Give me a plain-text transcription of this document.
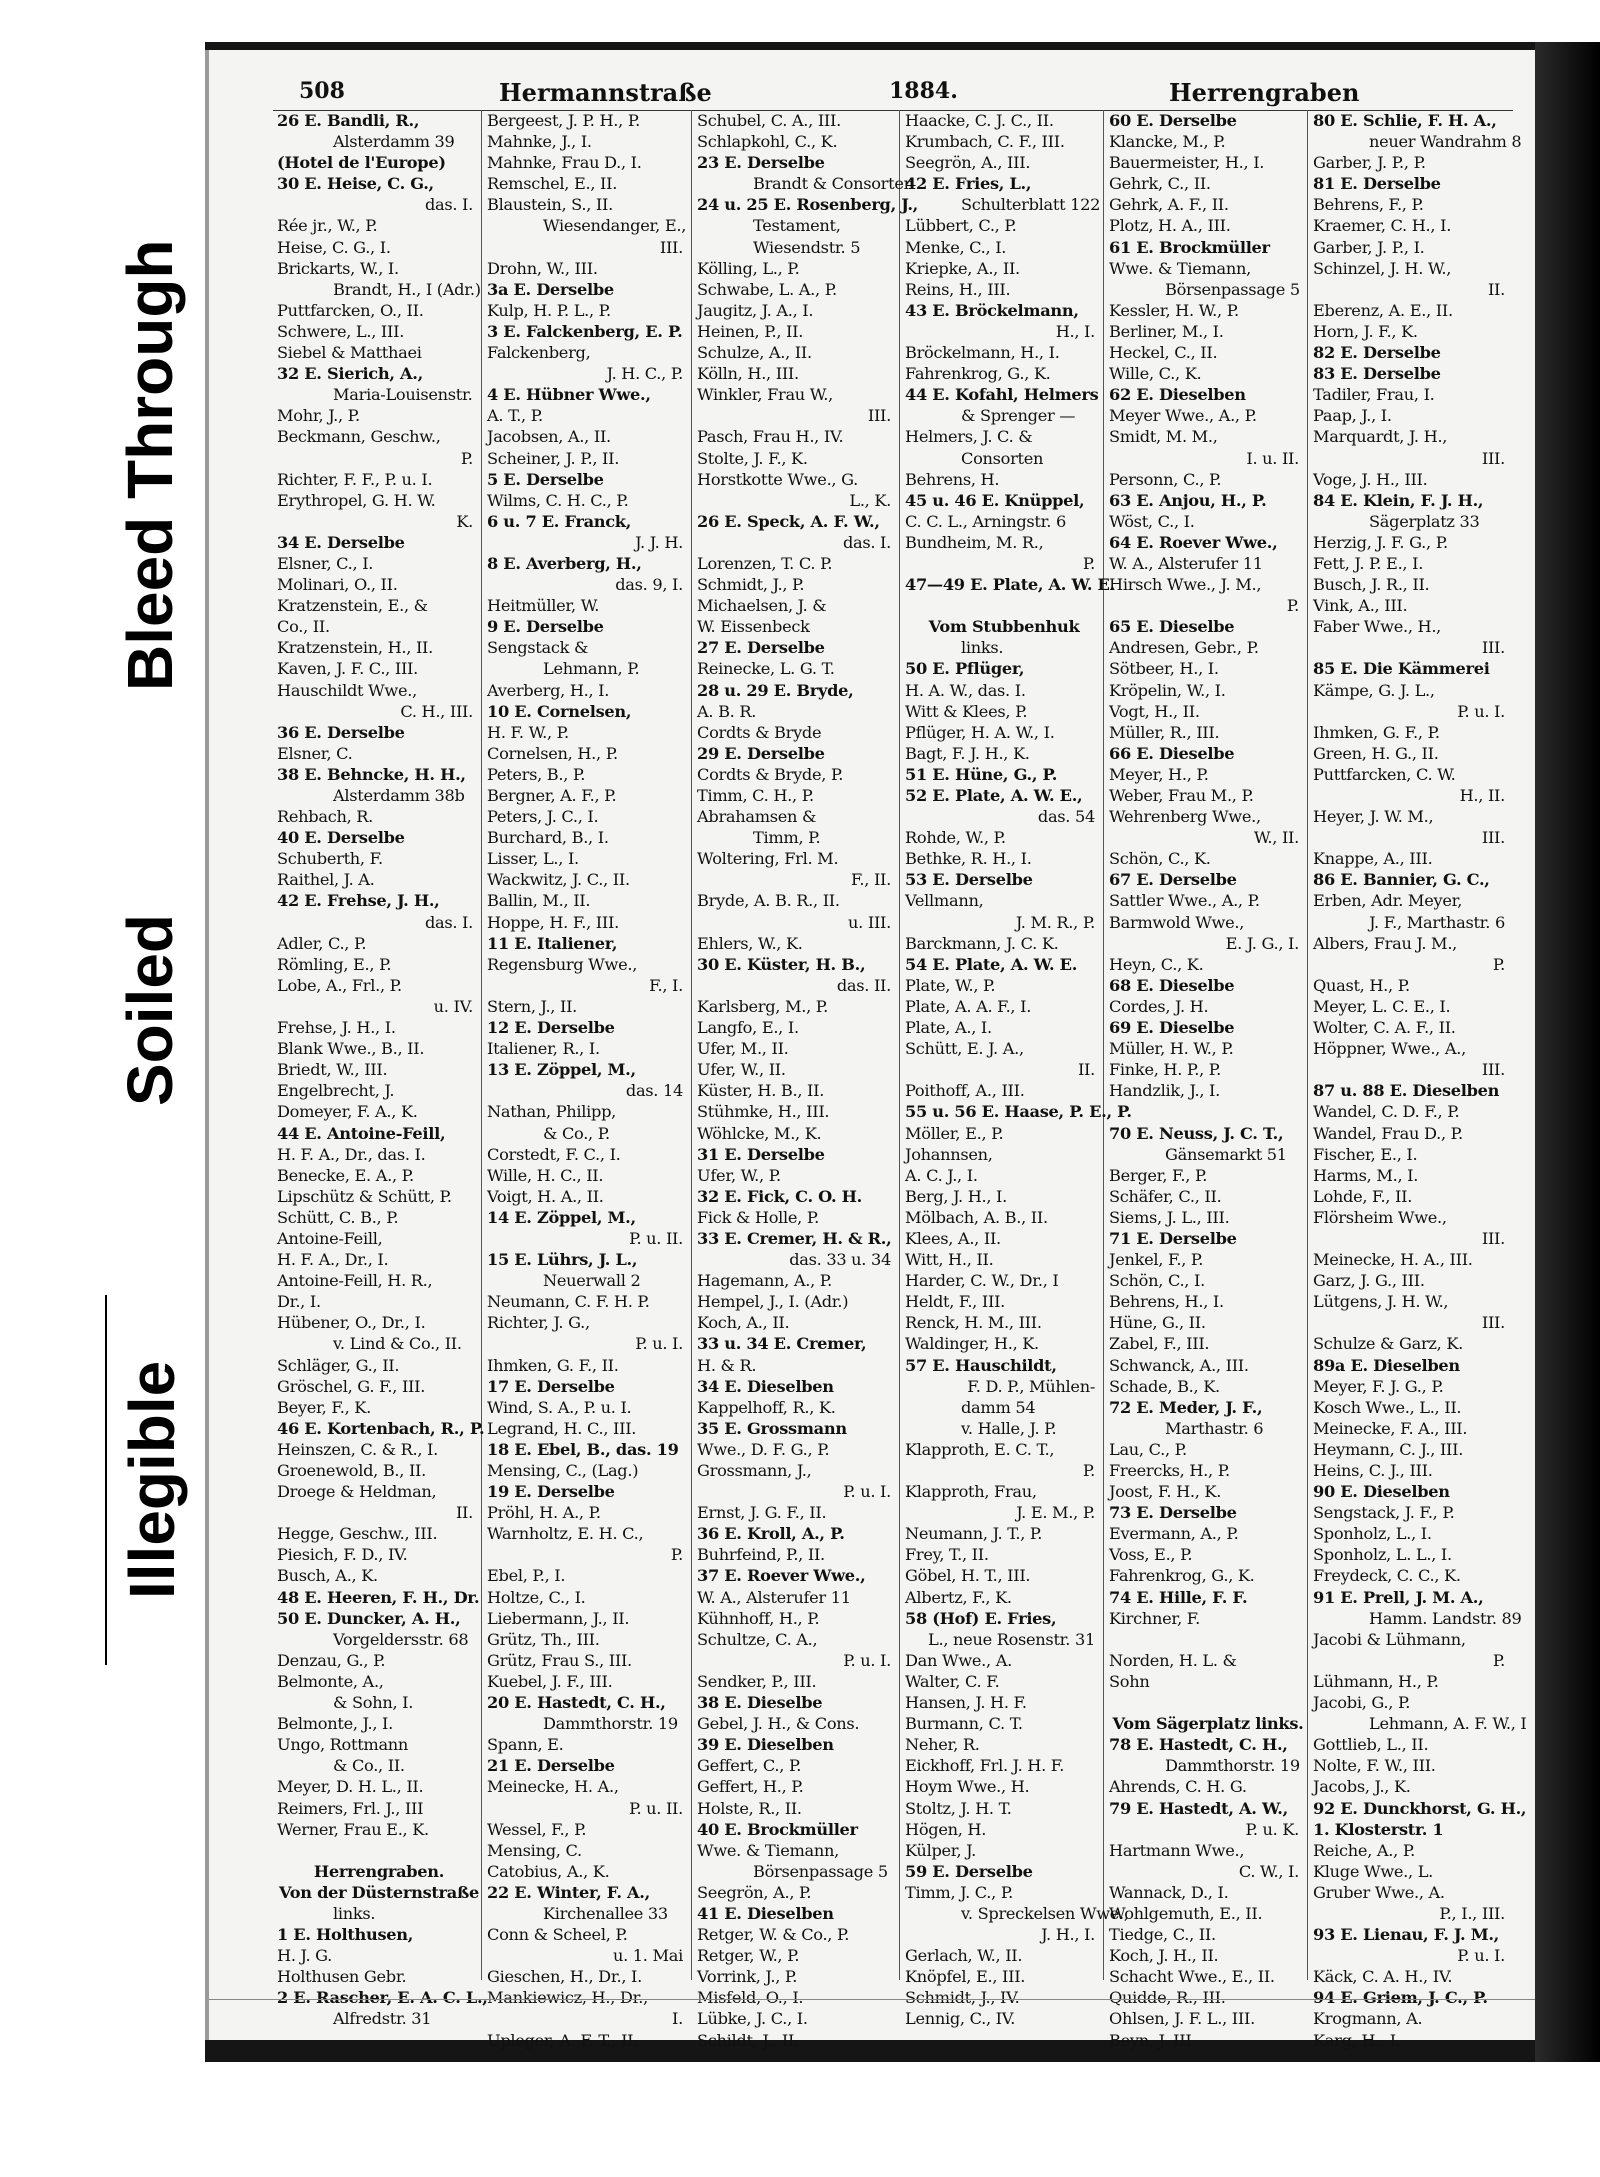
Bleed Through
Soiled
Illegible
508	Hermannstraße	1884.	Herrengraben
26 E. Bandli, R.,
Alsterdamm 39
(Hotel de l'Europe)
30 E. Heise, C. G.,
das. I.
Rée jr., W., P.
Heise, C. G., I.
Brickarts, W., I.
Brandt, H., I (Adr.)
Puttfarcken, O., II.
Schwere, L., III.
Siebel & Matthaei
32 E. Sierich, A.,
Maria-Louisenstr.
Mohr, J., P.
Beckmann, Geschw.,
P.
Richter, F. F., P. u. I.
Erythropel, G. H. W.
K.
34 E. Derselbe
Elsner, C., I.
Molinari, O., II.
Kratzenstein, E., &
Co., II.
Kratzenstein, H., II.
Kaven, J. F. C., III.
Hauschildt Wwe.,
C. H., III.
36 E. Derselbe
Elsner, C.
38 E. Behncke, H. H.,
Alsterdamm 38b
Rehbach, R.
40 E. Derselbe
Schuberth, F.
Raithel, J. A.
42 E. Frehse, J. H.,
das. I.
Adler, C., P.
Römling, E., P.
Lobe, A., Frl., P.
u. IV.
Frehse, J. H., I.
Blank Wwe., B., II.
Briedt, W., III.
Engelbrecht, J.
Domeyer, F. A., K.
44 E. Antoine-Feill,
H. F. A., Dr., das. I.
Benecke, E. A., P.
Lipschütz & Schütt, P.
Schütt, C. B., P.
Antoine-Feill,
H. F. A., Dr., I.
Antoine-Feill, H. R.,
Dr., I.
Hübener, O., Dr., I.
v. Lind & Co., II.
Schläger, G., II.
Gröschel, G. F., III.
Beyer, F., K.
46 E. Kortenbach, R., P.
Heinszen, C. & R., I.
Groenewold, B., II.
Droege & Heldman,
II.
Hegge, Geschw., III.
Piesich, F. D., IV.
Busch, A., K.
48 E. Heeren, F. H., Dr.
50 E. Duncker, A. H.,
Vorgeldersstr. 68
Denzau, G., P.
Belmonte, A.,
& Sohn, I.
Belmonte, J., I.
Ungo, Rottmann
& Co., II.
Meyer, D. H. L., II.
Reimers, Frl. J., III
Werner, Frau E., K.
Herrengraben.
Von der Düsternstraße
links.
1 E. Holthusen,
H. J. G.
Holthusen Gebr.
2 E. Rascher, E. A. C. L.,
Alfredstr. 31
Bergeest, J. P. H., P.
Mahnke, J., I.
Mahnke, Frau D., I.
Remschel, E., II.
Blaustein, S., II.
Wiesendanger, E.,
III.
Drohn, W., III.
3a E. Derselbe
Kulp, H. P. L., P.
3 E. Falckenberg, E. P.
Falckenberg,
J. H. C., P.
4 E. Hübner Wwe.,
A. T., P.
Jacobsen, A., II.
Scheiner, J. P., II.
5 E. Derselbe
Wilms, C. H. C., P.
6 u. 7 E. Franck,
J. J. H.
8 E. Averberg, H.,
das. 9, I.
Heitmüller, W.
9 E. Derselbe
Sengstack &
Lehmann, P.
Averberg, H., I.
10 E. Cornelsen,
H. F. W., P.
Cornelsen, H., P.
Peters, B., P.
Bergner, A. F., P.
Peters, J. C., I.
Burchard, B., I.
Lisser, L., I.
Wackwitz, J. C., II.
Ballin, M., II.
Hoppe, H. F., III.
11 E. Italiener,
Regensburg Wwe.,
F., I.
Stern, J., II.
12 E. Derselbe
Italiener, R., I.
13 E. Zöppel, M.,
das. 14
Nathan, Philipp,
& Co., P.
Corstedt, F. C., I.
Wille, H. C., II.
Voigt, H. A., II.
14 E. Zöppel, M.,
P. u. II.
15 E. Lührs, J. L.,
Neuerwall 2
Neumann, C. F. H. P.
Richter, J. G.,
P. u. I.
Ihmken, G. F., II.
17 E. Derselbe
Wind, S. A., P. u. I.
Legrand, H. C., III.
18 E. Ebel, B., das. 19
Mensing, C., (Lag.)
19 E. Derselbe
Pröhl, H. A., P.
Warnholtz, E. H. C.,
P.
Ebel, P., I.
Holtze, C., I.
Liebermann, J., II.
Grütz, Th., III.
Grütz, Frau S., III.
Kuebel, J. F., III.
20 E. Hastedt, C. H.,
Dammthorstr. 19
Spann, E.
21 E. Derselbe
Meinecke, H. A.,
P. u. II.
Wessel, F., P.
Mensing, C.
Catobius, A., K.
22 E. Winter, F. A.,
Kirchenallee 33
Conn & Scheel, P.
u. 1. Mai
Gieschen, H., Dr., I.
Mankiewicz, H., Dr.,
I.
Upleger, A. F. T., II.
Schubel, C. A., III.
Schlapkohl, C., K.
23 E. Derselbe
Brandt & Consorten
24 u. 25 E. Rosenberg, J.,
Testament,
Wiesendstr. 5
Kölling, L., P.
Schwabe, L. A., P.
Jaugitz, J. A., I.
Heinen, P., II.
Schulze, A., II.
Kölln, H., III.
Winkler, Frau W.,
III.
Pasch, Frau H., IV.
Stolte, J. F., K.
Horstkotte Wwe., G.
L., K.
26 E. Speck, A. F. W.,
das. I.
Lorenzen, T. C. P.
Schmidt, J., P.
Michaelsen, J. &
W. Eissenbeck
27 E. Derselbe
Reinecke, L. G. T.
28 u. 29 E. Bryde,
A. B. R.
Cordts & Bryde
29 E. Derselbe
Cordts & Bryde, P.
Timm, C. H., P.
Abrahamsen &
Timm, P.
Woltering, Frl. M.
F., II.
Bryde, A. B. R., II.
u. III.
Ehlers, W., K.
30 E. Küster, H. B.,
das. II.
Karlsberg, M., P.
Langfo, E., I.
Ufer, M., II.
Ufer, W., II.
Küster, H. B., II.
Stühmke, H., III.
Wöhlcke, M., K.
31 E. Derselbe
Ufer, W., P.
32 E. Fick, C. O. H.
Fick & Holle, P.
33 E. Cremer, H. & R.,
das. 33 u. 34
Hagemann, A., P.
Hempel, J., I. (Adr.)
Koch, A., II.
33 u. 34 E. Cremer,
H. & R.
34 E. Dieselben
Kappelhoff, R., K.
35 E. Grossmann
Wwe., D. F. G., P.
Grossmann, J.,
P. u. I.
Ernst, J. G. F., II.
36 E. Kroll, A., P.
Buhrfeind, P., II.
37 E. Roever Wwe.,
W. A., Alsterufer 11
Kühnhoff, H., P.
Schultze, C. A.,
P. u. I.
Sendker, P., III.
38 E. Dieselbe
Gebel, J. H., & Cons.
39 E. Dieselben
Geffert, C., P.
Geffert, H., P.
Holste, R., II.
40 E. Brockmüller
Wwe. & Tiemann,
Börsenpassage 5
Seegrön, A., P.
41 E. Dieselben
Retger, W. & Co., P.
Retger, W., P.
Vorrink, J., P.
Misfeld, O., I.
Lübke, J. C., I.
Schildt, J., II.
Haacke, C. J. C., II.
Krumbach, C. F., III.
Seegrön, A., III.
42 E. Fries, L.,
Schulterblatt 122
Lübbert, C., P.
Menke, C., I.
Kriepke, A., II.
Reins, H., III.
43 E. Bröckelmann,
H., I.
Bröckelmann, H., I.
Fahrenkrog, G., K.
44 E. Kofahl, Helmers
& Sprenger —
Helmers, J. C. &
Consorten
Behrens, H.
45 u. 46 E. Knüppel,
C. C. L., Arningstr. 6
Bundheim, M. R.,
P.
47—49 E. Plate, A. W. E.
Vom Stubbenhuk
links.
50 E. Pflüger,
H. A. W., das. I.
Witt & Klees, P.
Pflüger, H. A. W., I.
Bagt, F. J. H., K.
51 E. Hüne, G., P.
52 E. Plate, A. W. E.,
das. 54
Rohde, W., P.
Bethke, R. H., I.
53 E. Derselbe
Vellmann,
J. M. R., P.
Barckmann, J. C. K.
54 E. Plate, A. W. E.
Plate, W., P.
Plate, A. A. F., I.
Plate, A., I.
Schütt, E. J. A.,
II.
Poithoff, A., III.
55 u. 56 E. Haase, P. E., P.
Möller, E., P.
Johannsen,
A. C. J., I.
Berg, J. H., I.
Mölbach, A. B., II.
Klees, A., II.
Witt, H., II.
Harder, C. W., Dr., I
Heldt, F., III.
Renck, H. M., III.
Waldinger, H., K.
57 E. Hauschildt,
F. D. P., Mühlen-
damm 54
v. Halle, J. P.
Klapproth, E. C. T.,
P.
Klapproth, Frau,
J. E. M., P.
Neumann, J. T., P.
Frey, T., II.
Göbel, H. T., III.
Albertz, F., K.
58 (Hof) E. Fries,
L., neue Rosenstr. 31
Dan Wwe., A.
Walter, C. F.
Hansen, J. H. F.
Burmann, C. T.
Neher, R.
Eickhoff, Frl. J. H. F.
Hoym Wwe., H.
Stoltz, J. H. T.
Högen, H.
Külper, J.
59 E. Derselbe
Timm, J. C., P.
v. Spreckelsen Wwe.,
J. H., I.
Gerlach, W., II.
Knöpfel, E., III.
Schmidt, J., IV.
Lennig, C., IV.
60 E. Derselbe
Klancke, M., P.
Bauermeister, H., I.
Gehrk, C., II.
Gehrk, A. F., II.
Plotz, H. A., III.
61 E. Brockmüller
Wwe. & Tiemann,
Börsenpassage 5
Kessler, H. W., P.
Berliner, M., I.
Heckel, C., II.
Wille, C., K.
62 E. Dieselben
Meyer Wwe., A., P.
Smidt, M. M.,
I. u. II.
Personn, C., P.
63 E. Anjou, H., P.
Wöst, C., I.
64 E. Roever Wwe.,
W. A., Alsterufer 11
Hirsch Wwe., J. M.,
P.
65 E. Dieselbe
Andresen, Gebr., P.
Sötbeer, H., I.
Kröpelin, W., I.
Vogt, H., II.
Müller, R., III.
66 E. Dieselbe
Meyer, H., P.
Weber, Frau M., P.
Wehrenberg Wwe.,
W., II.
Schön, C., K.
67 E. Derselbe
Sattler Wwe., A., P.
Barmwold Wwe.,
E. J. G., I.
Heyn, C., K.
68 E. Dieselbe
Cordes, J. H.
69 E. Dieselbe
Müller, H. W., P.
Finke, H. P., P.
Handzlik, J., I.
70 E. Neuss, J. C. T.,
Gänsemarkt 51
Berger, F., P.
Schäfer, C., II.
Siems, J. L., III.
71 E. Derselbe
Jenkel, F., P.
Schön, C., I.
Behrens, H., I.
Hüne, G., II.
Zabel, F., III.
Schwanck, A., III.
Schade, B., K.
72 E. Meder, J. F.,
Marthastr. 6
Lau, C., P.
Freercks, H., P.
Joost, F. H., K.
73 E. Derselbe
Evermann, A., P.
Voss, E., P.
Fahrenkrog, G., K.
74 E. Hille, F. F.
Kirchner, F.
Norden, H. L. &
Sohn
Vom Sägerplatz links.
78 E. Hastedt, C. H.,
Dammthorstr. 19
Ahrends, C. H. G.
79 E. Hastedt, A. W.,
P. u. K.
Hartmann Wwe.,
C. W., I.
Wannack, D., I.
Wohlgemuth, E., II.
Tiedge, C., II.
Koch, J. H., II.
Schacht Wwe., E., II.
Quidde, R., III.
Ohlsen, J. F. L., III.
Beyn, J. III.
80 E. Schlie, F. H. A.,
neuer Wandrahm 8
Garber, J. P., P.
81 E. Derselbe
Behrens, F., P.
Kraemer, C. H., I.
Garber, J. P., I.
Schinzel, J. H. W.,
II.
Eberenz, A. E., II.
Horn, J. F., K.
82 E. Derselbe
83 E. Derselbe
Tadiler, Frau, I.
Paap, J., I.
Marquardt, J. H.,
III.
Voge, J. H., III.
84 E. Klein, F. J. H.,
Sägerplatz 33
Herzig, J. F. G., P.
Fett, J. P. E., I.
Busch, J. R., II.
Vink, A., III.
Faber Wwe., H.,
III.
85 E. Die Kämmerei
Kämpe, G. J. L.,
P. u. I.
Ihmken, G. F., P.
Green, H. G., II.
Puttfarcken, C. W.
H., II.
Heyer, J. W. M.,
III.
Knappe, A., III.
86 E. Bannier, G. C.,
Erben, Adr. Meyer,
J. F., Marthastr. 6
Albers, Frau J. M.,
P.
Quast, H., P.
Meyer, L. C. E., I.
Wolter, C. A. F., II.
Höppner, Wwe., A.,
III.
87 u. 88 E. Dieselben
Wandel, C. D. F., P.
Wandel, Frau D., P.
Fischer, E., I.
Harms, M., I.
Lohde, F., II.
Flörsheim Wwe.,
III.
Meinecke, H. A., III.
Garz, J. G., III.
Lütgens, J. H. W.,
III.
Schulze & Garz, K.
89a E. Dieselben
Meyer, F. J. G., P.
Kosch Wwe., L., II.
Meinecke, F. A., III.
Heymann, C. J., III.
Heins, C. J., III.
90 E. Dieselben
Sengstack, J. F., P.
Sponholz, L., I.
Sponholz, L. L., I.
Freydeck, C. C., K.
91 E. Prell, J. M. A.,
Hamm. Landstr. 89
Jacobi & Lühmann,
P.
Lühmann, H., P.
Jacobi, G., P.
Lehmann, A. F. W., I
Gottlieb, L., II.
Nolte, F. W., III.
Jacobs, J., K.
92 E. Dunckhorst, G. H.,
1. Klosterstr. 1
Reiche, A., P.
Kluge Wwe., L.
Gruber Wwe., A.
P., I., III.
93 E. Lienau, F. J. M.,
P. u. I.
Käck, C. A. H., IV.
94 E. Griem, J. C., P.
Krogmann, A.
Karg, H., I.
